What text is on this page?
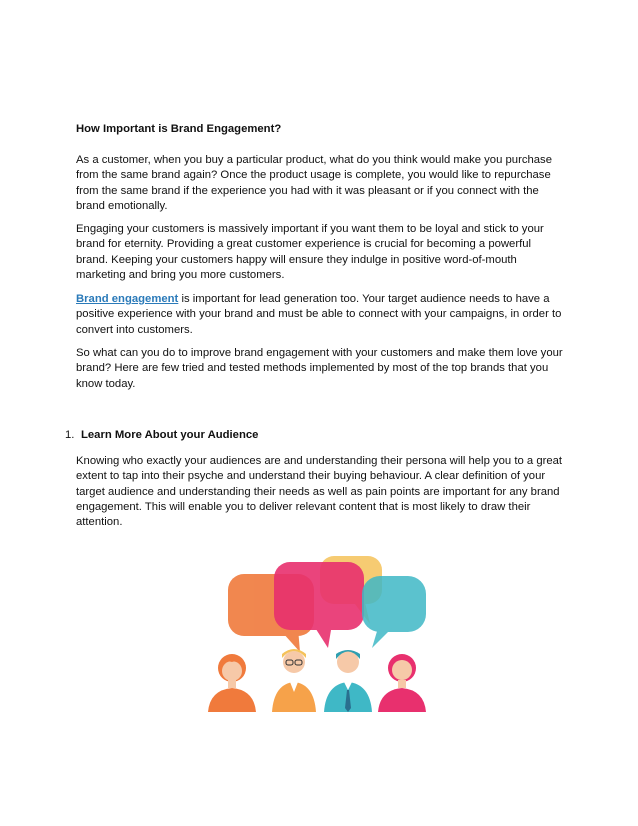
How Important is Brand Engagement?

As a customer, when you buy a particular product, what do you think would make you purchase from the same brand again? Once the product usage is complete, you would like to repurchase from the same brand if the experience you had with it was pleasant or if you connect with the brand emotionally.

Engaging your customers is massively important if you want them to be loyal and stick to your brand for eternity. Providing a great customer experience is crucial for becoming a powerful brand. Keeping your customers happy will ensure they indulge in positive word-of-mouth marketing and bring you more customers.

Brand engagement is important for lead generation too. Your target audience needs to have a positive experience with your brand and must be able to connect with your campaigns, in order to convert into customers.

So what can you do to improve brand engagement with your customers and make them love your brand? Here are few tried and tested methods implemented by most of the top brands that you know today.

1. Learn More About your Audience

Knowing who exactly your audiences are and understanding their persona will help you to a great extent to tap into their psyche and understand their buying behaviour. A clear definition of your target audience and understanding their needs as well as pain points are important for any brand engagement. This will enable you to deliver relevant content that is most likely to draw their attention.
